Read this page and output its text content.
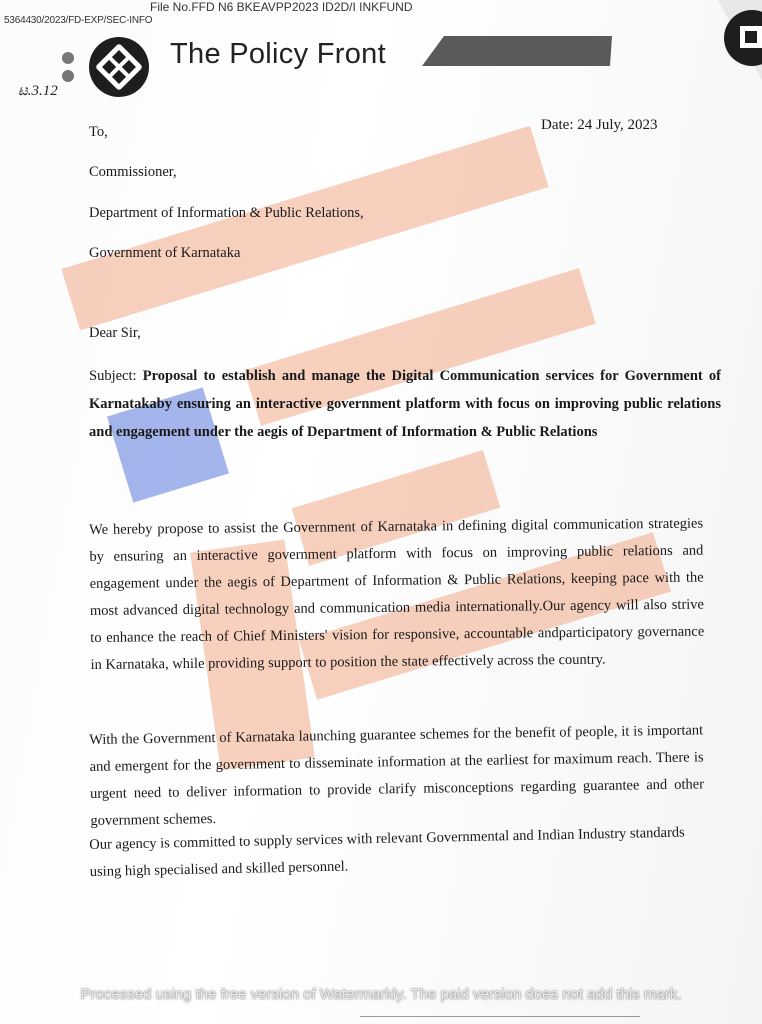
File No.FFD N6 BKEAVPP2023 ID2D/I INKFUND
5364430/2023/FD-EXP/SEC-INFO
ಟ.3.12
The Policy Front
Date: 24 July, 2023
To,
Commissioner,
Department of Information & Public Relations,
Government of Karnataka
Dear Sir,
Subject: Proposal to establish and manage the Digital Communication services for Government of Karnatakaby ensuring an interactive government platform with focus on improving public relations and engagement under the aegis of Department of Information & Public Relations
We hereby propose to assist the Government of Karnataka in defining digital communication strategies by ensuring an interactive government platform with focus on improving public relations and engagement under the aegis of Department of Information & Public Relations, keeping pace with the most advanced digital technology and communication media internationally.Our agency will also strive to enhance the reach of Chief Ministers' vision for responsive, accountable andparticipatory governance in Karnataka, while providing support to position the state effectively across the country.
With the Government of Karnataka launching guarantee schemes for the benefit of people, it is important and emergent for the government to disseminate information at the earliest for maximum reach. There is urgent need to deliver information to provide clarify misconceptions regarding guarantee and other government schemes.
Our agency is committed to supply services with relevant Governmental and Indian Industry standards using high specialised and skilled personnel.
Processed using the free version of Watermarkly. The paid version does not add this mark.
